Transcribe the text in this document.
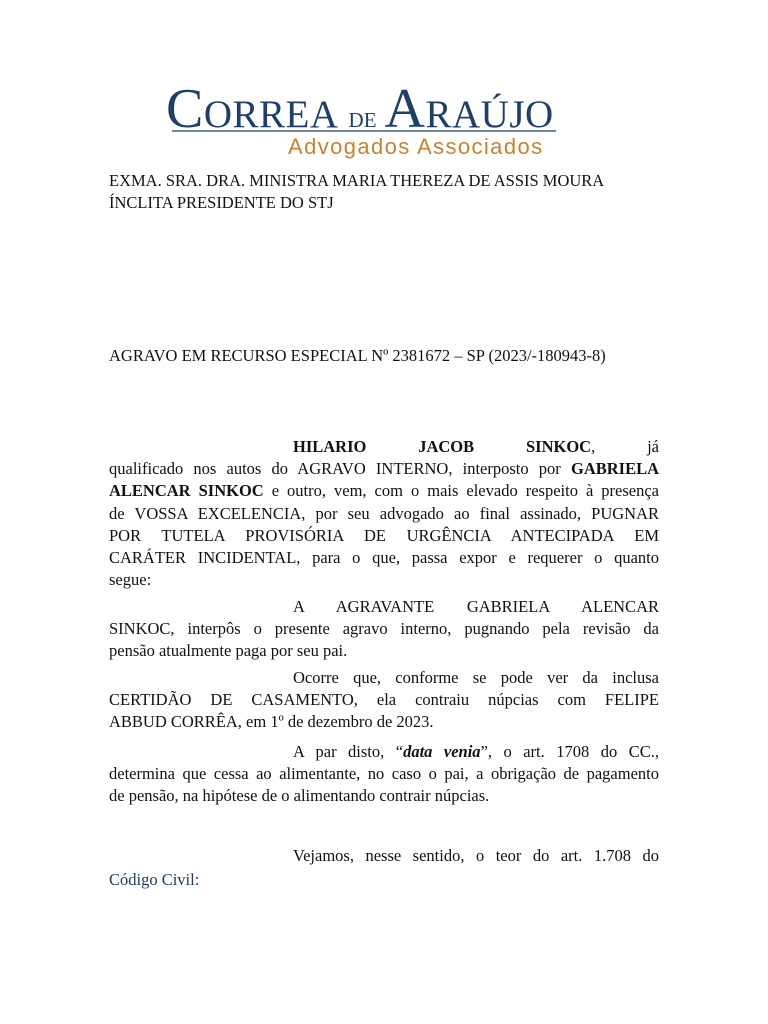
Correa de Araújo
Advogados Associados
EXMA. SRA. DRA. MINISTRA MARIA THEREZA DE ASSIS MOURA
ÍNCLITA PRESIDENTE DO STJ
AGRAVO EM RECURSO ESPECIAL Nº 2381672 – SP (2023/-180943-8)
HILARIO JACOB SINKOC, já
qualificado nos autos do AGRAVO INTERNO, interposto por GABRIELA
ALENCAR SINKOC e outro, vem, com o mais elevado respeito à presença
de VOSSA EXCELENCIA, por seu advogado ao final assinado, PUGNAR
POR TUTELA PROVISÓRIA DE URGÊNCIA ANTECIPADA EM
CARÁTER INCIDENTAL, para o que, passa expor e requerer o quanto
segue:
A AGRAVANTE GABRIELA ALENCAR
SINKOC, interpôs o presente agravo interno, pugnando pela revisão da
pensão atualmente paga por seu pai.
Ocorre que, conforme se pode ver da inclusa
CERTIDÃO DE CASAMENTO, ela contraiu núpcias com FELIPE
ABBUD CORRÊA, em 1º de dezembro de 2023.
A par disto, “data venia”, o art. 1708 do CC.,
determina que cessa ao alimentante, no caso o pai, a obrigação de pagamento
de pensão, na hipótese de o alimentando contrair núpcias.
Vejamos, nesse sentido, o teor do art. 1.708 do
Código Civil:
